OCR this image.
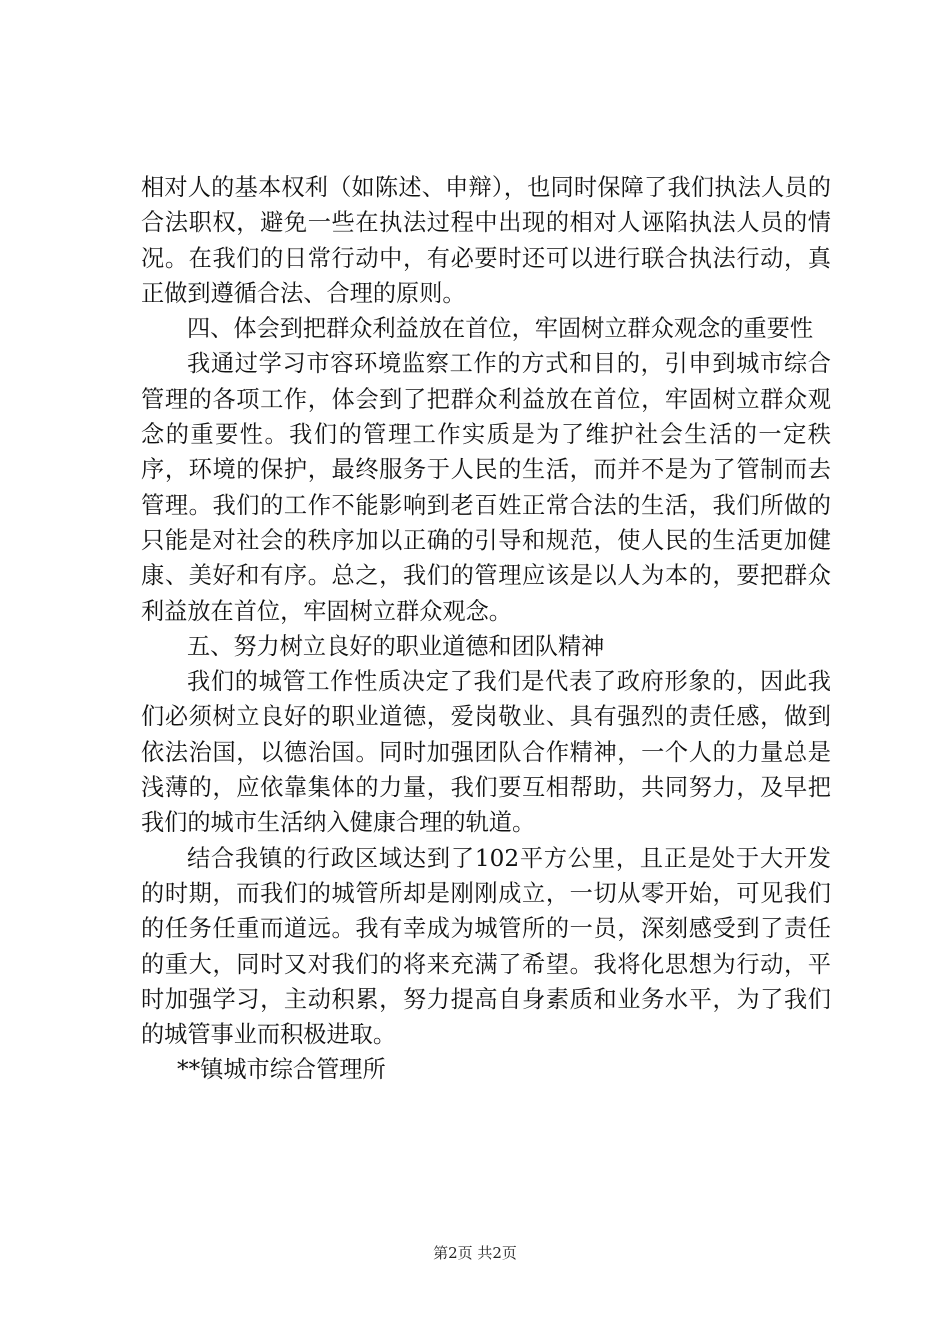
相对人的基本权利（如陈述、申辩），也同时保障了我们执法人员的合法职权，避免一些在执法过程中出现的相对人诬陷执法人员的情况。在我们的日常行动中，有必要时还可以进行联合执法行动，真正做到遵循合法、合理的原则。

四、体会到把群众利益放在首位，牢固树立群众观念的重要性

我通过学习市容环境监察工作的方式和目的，引申到城市综合管理的各项工作，体会到了把群众利益放在首位，牢固树立群众观念的重要性。我们的管理工作实质是为了维护社会生活的一定秩序，环境的保护，最终服务于人民的生活，而并不是为了管制而去管理。我们的工作不能影响到老百姓正常合法的生活，我们所做的只能是对社会的秩序加以正确的引导和规范，使人民的生活更加健康、美好和有序。总之，我们的管理应该是以人为本的，要把群众利益放在首位，牢固树立群众观念。

五、努力树立良好的职业道德和团队精神

我们的城管工作性质决定了我们是代表了政府形象的，因此我们必须树立良好的职业道德，爱岗敬业、具有强烈的责任感，做到依法治国，以德治国。同时加强团队合作精神，一个人的力量总是浅薄的，应依靠集体的力量，我们要互相帮助，共同努力，及早把我们的城市生活纳入健康合理的轨道。

结合我镇的行政区域达到了102平方公里，且正是处于大开发的时期，而我们的城管所却是刚刚成立，一切从零开始，可见我们的任务任重而道远。我有幸成为城管所的一员，深刻感受到了责任的重大，同时又对我们的将来充满了希望。我将化思想为行动，平时加强学习，主动积累，努力提高自身素质和业务水平，为了我们的城管事业而积极进取。

**镇城市综合管理所

第2页 共2页
